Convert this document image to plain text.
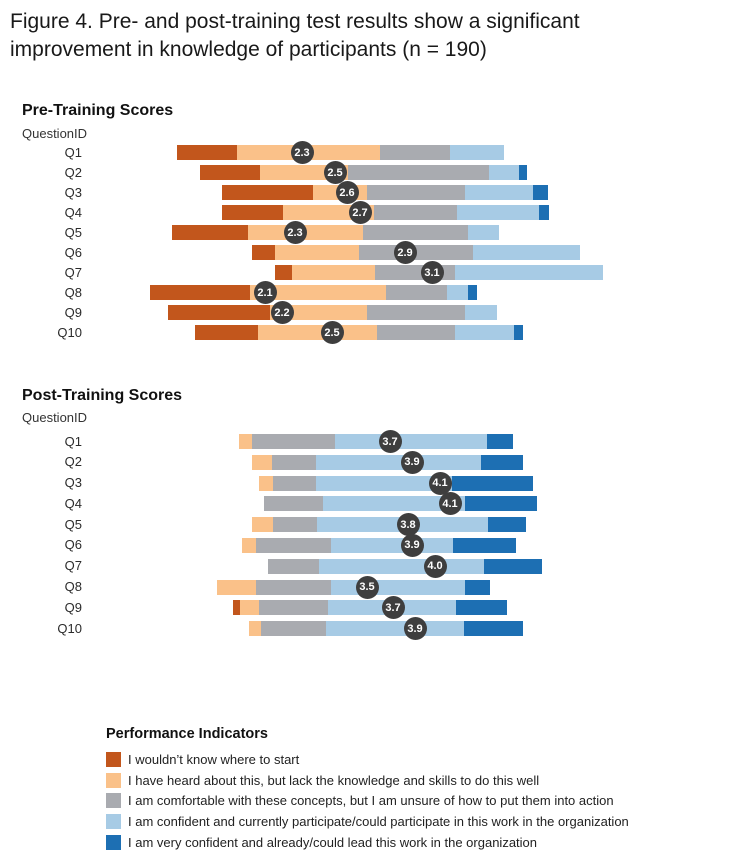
Figure 4. Pre- and post-training test results show a significant
improvement in knowledge of participants (n = 190)
Pre-Training Scores
QuestionID
Q1	2.3
Q2	2.5
Q3	2.6
Q4	2.7
Q5	2.3
Q6	2.9
Q7	3.1
Q8	2.1
Q9	2.2
Q10	2.5
Post-Training Scores
QuestionID
Q1	3.7
Q2	3.9
Q3	4.1
Q4	4.1
Q5	3.8
Q6	3.9
Q7	4.0
Q8	3.5
Q9	3.7
Q10	3.9
Performance Indicators
I wouldn’t know where to start
I have heard about this, but lack the knowledge and skills to do this well
I am comfortable with these concepts, but I am unsure of how to put them into action
I am confident and currently participate/could participate in this work in the organization
I am very confident and already/could lead this work in the organization
